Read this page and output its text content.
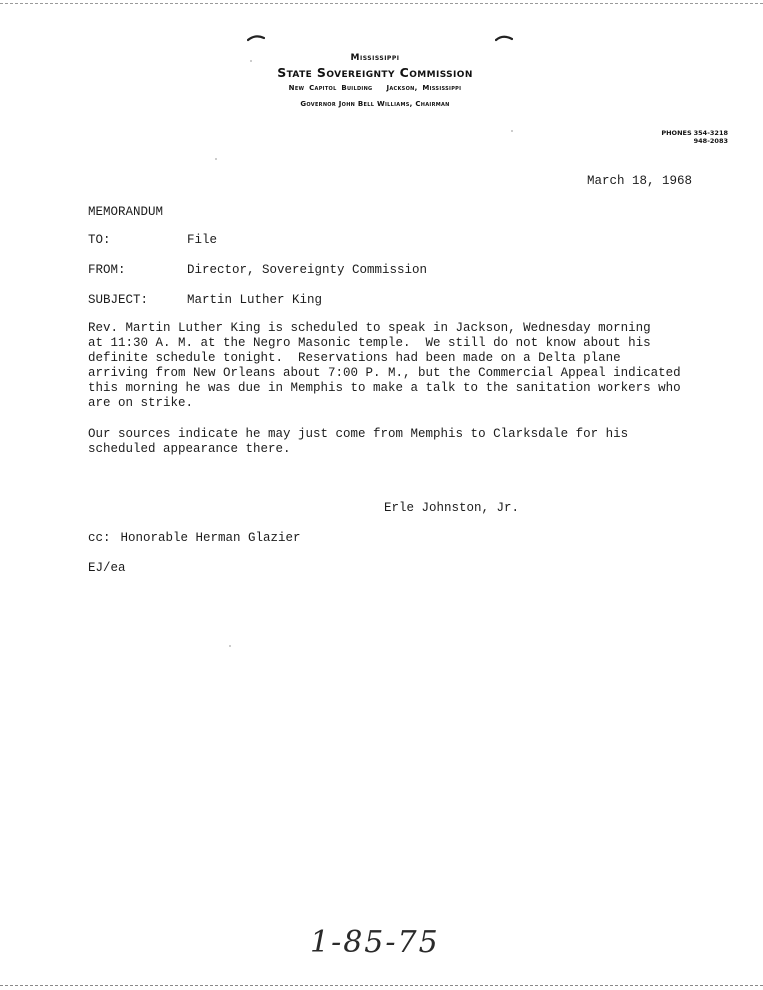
Mississippi
State Sovereignty Commission
New Capitol Building Jackson, Mississippi
Governor John Bell Williams, Chairman
PHONES 354-3218
948-2083
March 18, 1968
MEMORANDUM
TO:	File
FROM:	Director, Sovereignty Commission
SUBJECT:	Martin Luther King
Rev. Martin Luther King is scheduled to speak in Jackson, Wednesday morning
at 11:30 A. M. at the Negro Masonic temple.  We still do not know about his
definite schedule tonight.  Reservations had been made on a Delta plane
arriving from New Orleans about 7:00 P. M., but the Commercial Appeal indicated
this morning he was due in Memphis to make a talk to the sanitation workers who
are on strike.
Our sources indicate he may just come from Memphis to Clarksdale for his
scheduled appearance there.
Erle Johnston, Jr.
cc: Honorable Herman Glazier
EJ/ea
1-85-75
